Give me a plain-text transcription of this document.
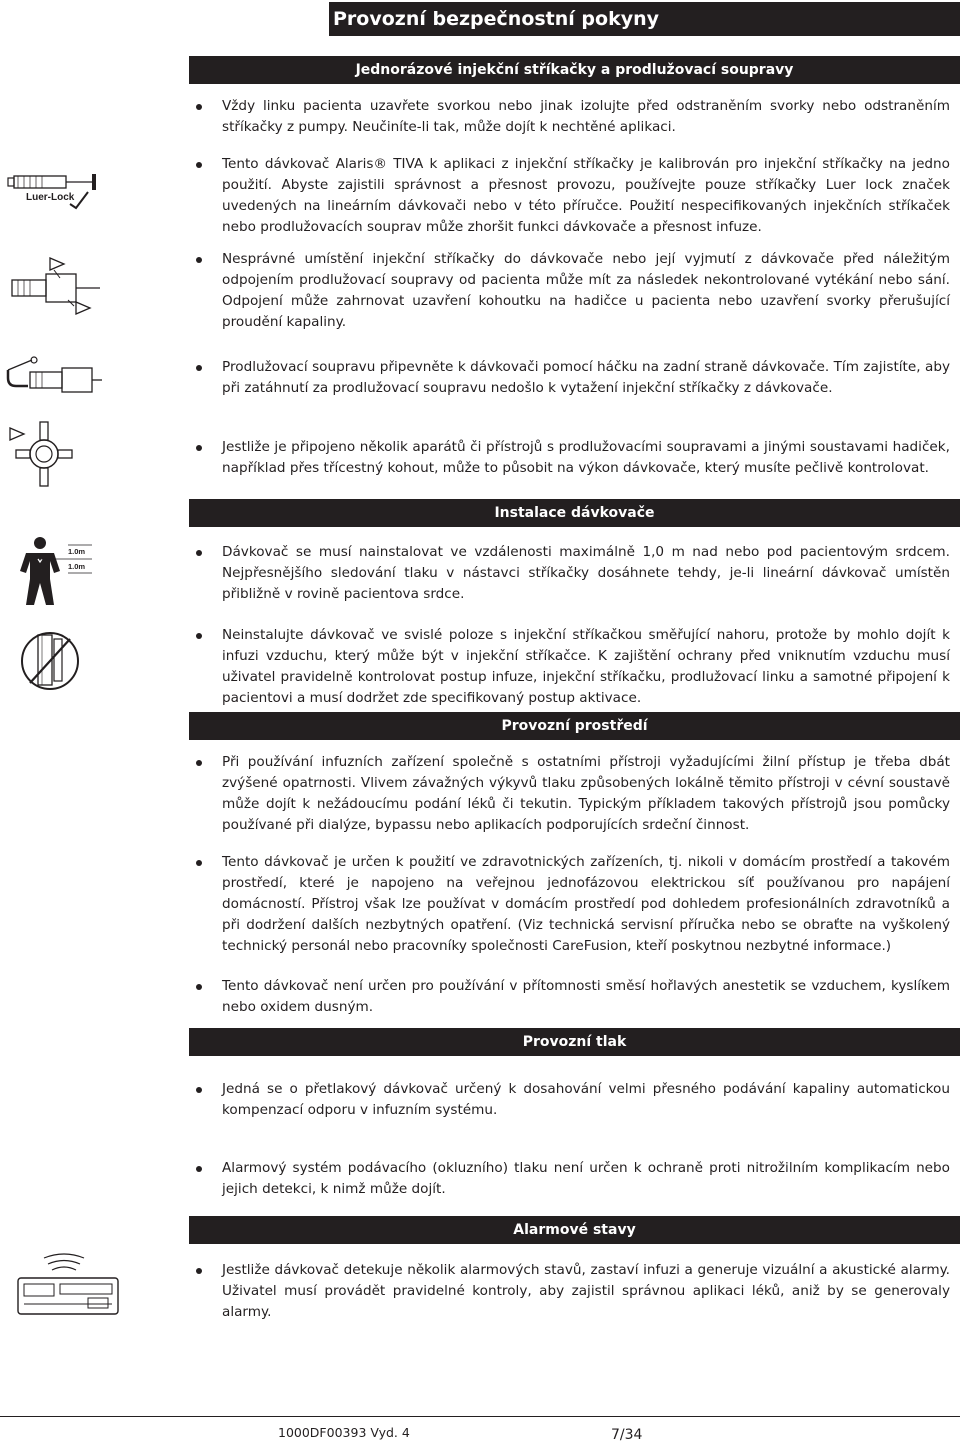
Provozní bezpečnostní pokyny
Jednorázové injekční stříkačky a prodlužovací soupravy
Vždy linku pacienta uzavřete svorkou nebo jinak izolujte před odstraněním svorky nebo odstraněním stříkačky z pumpy. Neučiníte-li tak, může dojít k nechtěné aplikaci.
Tento dávkovač Alaris® TIVA k aplikaci z injekční stříkačky je kalibrován pro injekční stříkačky na jedno použití. Abyste zajistili správnost a přesnost provozu, používejte pouze stříkačky Luer lock značek uvedených na lineárním dávkovači nebo v této příručce. Použití nespecifikovaných injekčních stříkaček nebo prodlužovacích souprav může zhoršit funkci dávkovače a přesnost infuze.
Nesprávné umístění injekční stříkačky do dávkovače nebo její vyjmutí z dávkovače před náležitým odpojením prodlužovací soupravy od pacienta může mít za následek nekontrolované vytékání nebo sání. Odpojení může zahrnovat uzavření kohoutku na hadičce u pacienta nebo uzavření svorky přerušující proudění kapaliny.
Prodlužovací soupravu připevněte k dávkovači pomocí háčku na zadní straně dávkovače. Tím zajistíte, aby při zatáhnutí za prodlužovací soupravu nedošlo k vytažení injekční stříkačky z dávkovače.
Jestliže je připojeno několik aparátů či přístrojů s prodlužovacími soupravami a jinými soustavami hadiček, například přes třícestný kohout, může to působit na výkon dávkovače, který musíte pečlivě kontrolovat.
Instalace dávkovače
Dávkovač se musí nainstalovat ve vzdálenosti maximálně 1,0 m nad nebo pod pacientovým srdcem. Nejpřesnějšího sledování tlaku v nástavci stříkačky dosáhnete tehdy, je-li lineární dávkovač umístěn přibližně v rovině pacientova srdce.
Neinstalujte dávkovač ve svislé poloze s injekční stříkačkou směřující nahoru, protože by mohlo dojít k infuzi vzduchu, který může být v injekční stříkačce. K zajištění ochrany před vniknutím vzduchu musí uživatel pravidelně kontrolovat postup infuze, injekční stříkačku, prodlužovací linku a samotné připojení k pacientovi a musí dodržet zde specifikovaný postup aktivace.
Provozní prostředí
Při používání infuzních zařízení společně s ostatními přístroji vyžadujícími žilní přístup je třeba dbát zvýšené opatrnosti. Vlivem závažných výkyvů tlaku způsobených lokálně těmito přístroji v cévní soustavě může dojít k nežádoucímu podání léků či tekutin. Typickým příkladem takových přístrojů jsou pomůcky používané při dialýze, bypassu nebo aplikacích podporujících srdeční činnost.
Tento dávkovač je určen k použití ve zdravotnických zařízeních, tj. nikoli v domácím prostředí a takovém prostředí, které je napojeno na veřejnou jednofázovou elektrickou síť používanou pro napájení domácností. Přístroj však lze používat v domácím prostředí pod dohledem profesionálních zdravotníků a při dodržení dalších nezbytných opatření. (Viz technická servisní příručka nebo se obraťte na vyškolený technický personál nebo pracovníky společnosti CareFusion, kteří poskytnou nezbytné informace.)
Tento dávkovač není určen pro používání v přítomnosti směsí hořlavých anestetik se vzduchem, kyslíkem nebo oxidem dusným.
Provozní tlak
Jedná se o přetlakový dávkovač určený k dosahování velmi přesného podávání kapaliny automatickou kompenzací odporu v infuzním systému.
Alarmový systém podávacího (okluzního) tlaku není určen k ochraně proti nitrožilním komplikacím nebo jejich detekci, k nimž může dojít.
Alarmové stavy
Jestliže dávkovač detekuje několik alarmových stavů, zastaví infuzi a generuje vizuální a akustické alarmy. Uživatel musí provádět pravidelné kontroly, aby zajistil správnou aplikaci léků, aniž by se generovaly alarmy.
Luer-Lock
1.0m
1.0m
1000DF00393 Vyd. 4	7/34
